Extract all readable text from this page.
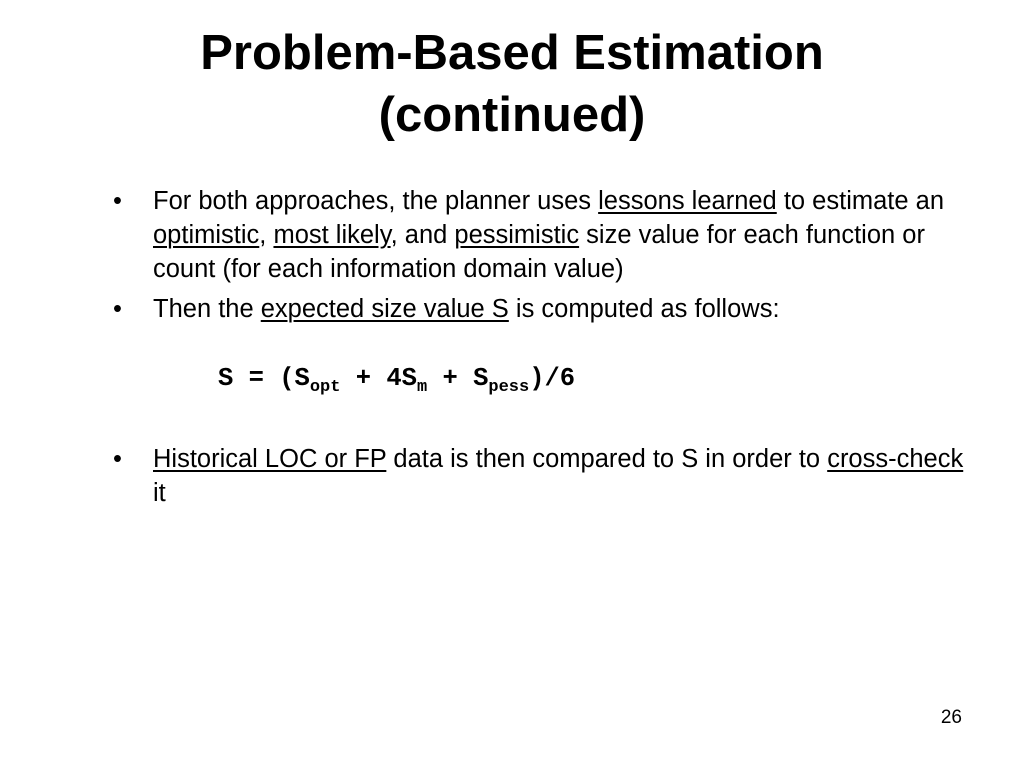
Problem-Based Estimation
(continued)
• For both approaches, the planner uses lessons learned to estimate an optimistic, most likely, and pessimistic size value for each function or count (for each information domain value)
• Then the expected size value S is computed as follows:
$S = (S_{opt} + 4S_m + S_{pess})/6$
• Historical LOC or FP data is then compared to S in order to cross-check it
26
